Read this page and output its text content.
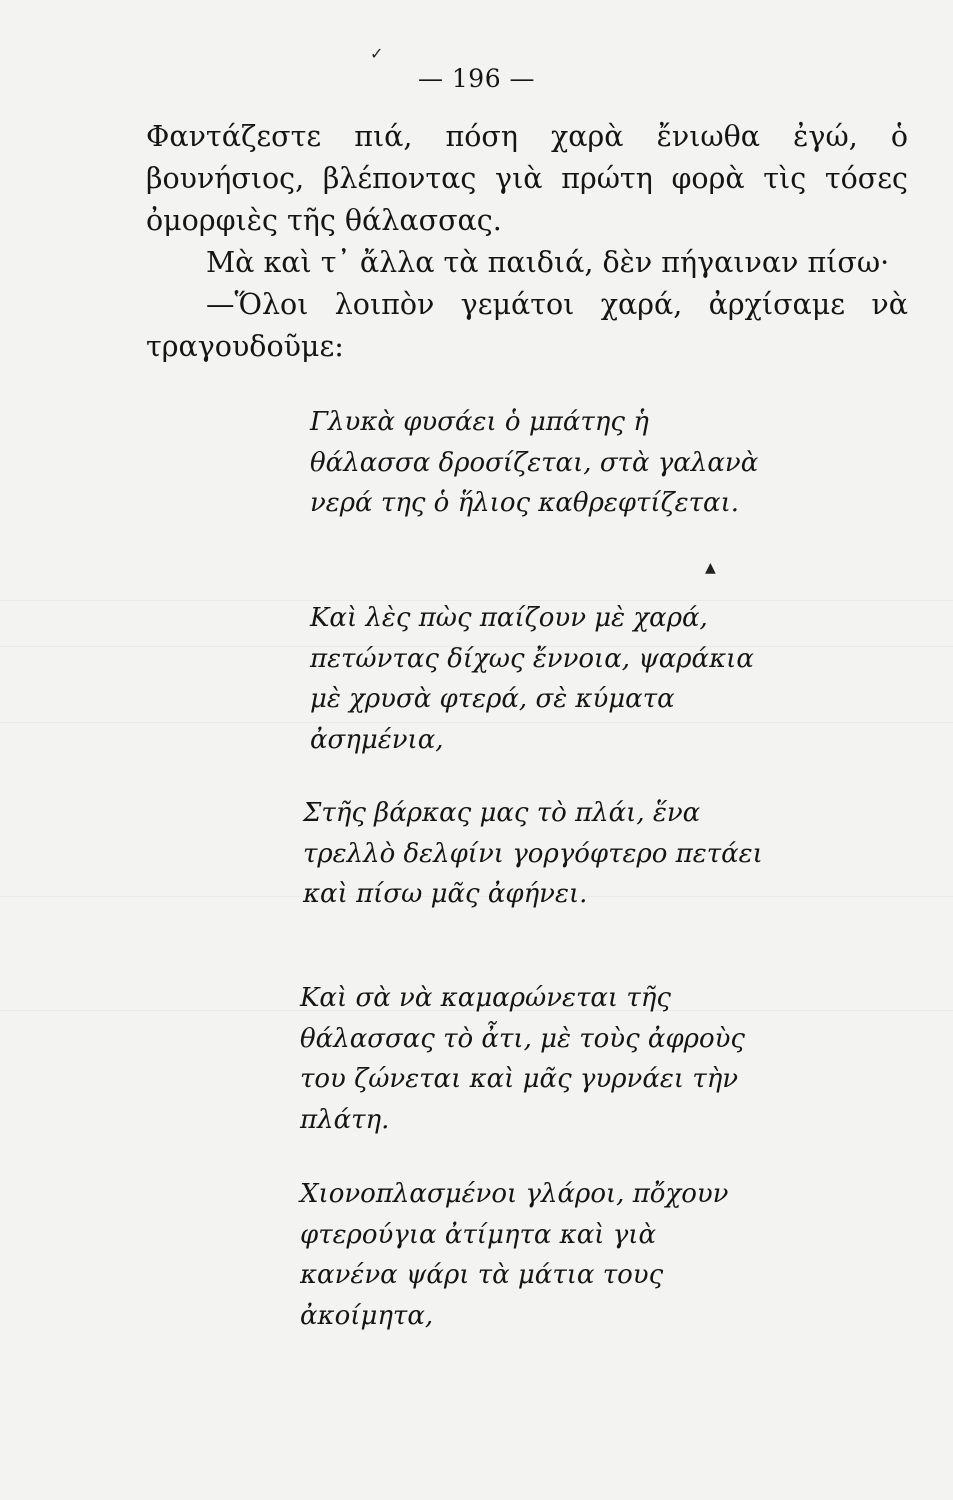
✓
▲
— 196 —

Φαντάζεστε πιά, πόση χαρὰ ἔνιωθα ἐγώ, ὁ βουνήσιος, βλέποντας γιὰ πρώτη φορὰ τὶς τόσες ὀμορφιὲς τῆς θάλασσας.

Μὰ καὶ τ᾽ ἄλλα τὰ παιδιά, δὲν πήγαιναν πίσω·

—Ὅλοι λοιπὸν γεμάτοι χαρά, ἀρχίσαμε νὰ τραγουδοῦμε:

Γλυκὰ φυσάει ὁ μπάτης ἡ θάλασσα δροσίζεται, στὰ γαλανὰ νερά της ὁ ἥλιος καθρεφτίζεται.
Καὶ λὲς πὼς παίζουν μὲ χαρά, πετώντας δίχως ἔννοια, ψαράκια μὲ χρυσὰ φτερά, σὲ κύματα ἀσημένια,
Στῆς βάρκας μας τὸ πλάι, ἕνα τρελλὸ δελφίνι γοργόφτερο πετάει καὶ πίσω μᾶς ἀφήνει.
Καὶ σὰ νὰ καμαρώνεται τῆς θάλασσας τὸ ἆτι, μὲ τοὺς ἀφροὺς του ζώνεται καὶ μᾶς γυρνάει τὴν πλάτη.
Χιονοπλασμένοι γλάροι, πὄχουν φτερούγια ἀτίμητα καὶ γιὰ κανένα ψάρι τὰ μάτια τους ἀκοίμητα,
